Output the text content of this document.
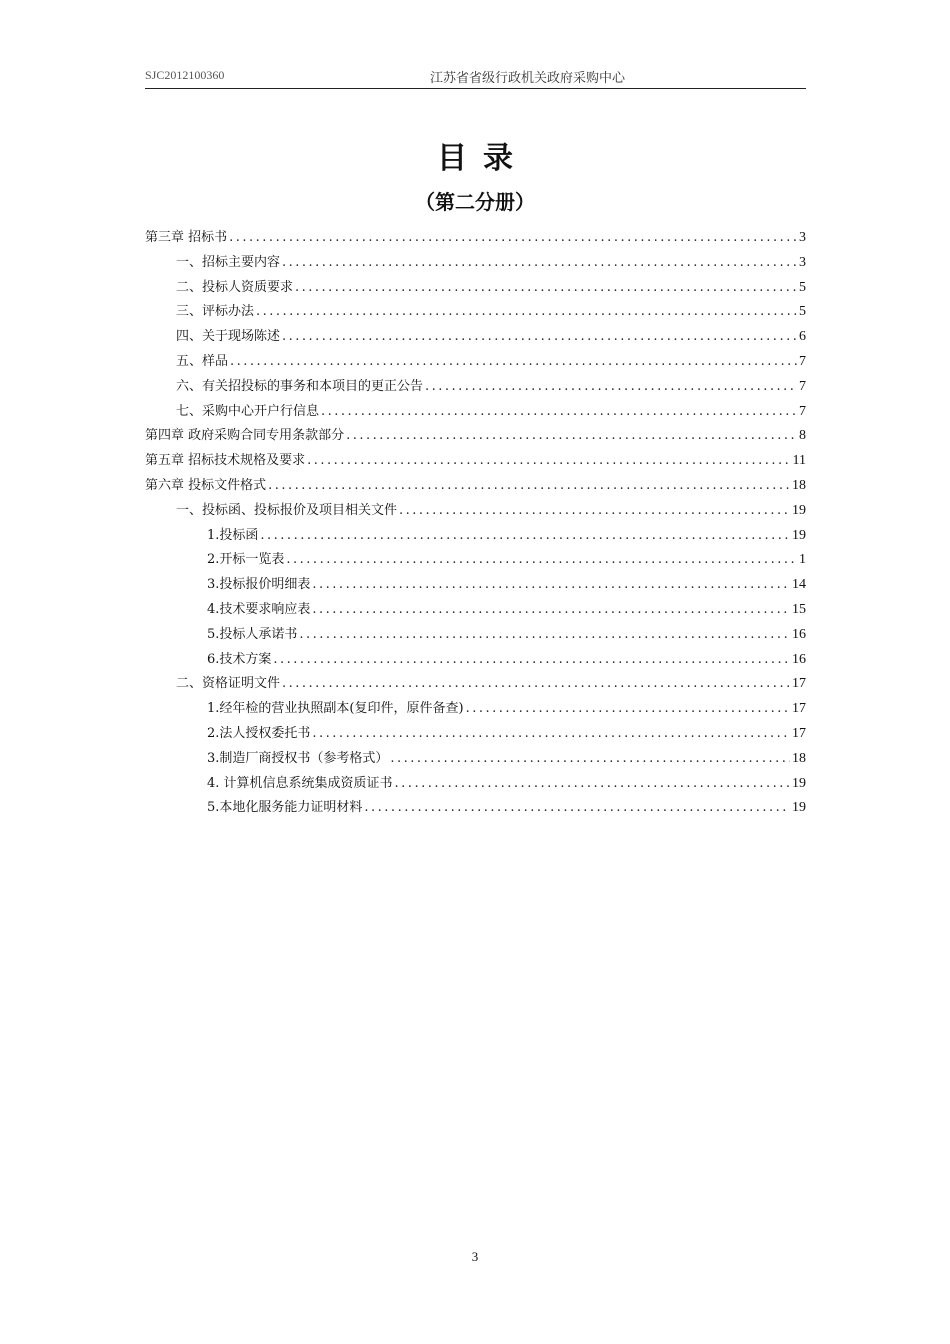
SJC2012100360	江苏省省级行政机关政府采购中心
目录
（第二分册）
第三章 招标书 .....	3
一、招标主要内容 .....	3
二、投标人资质要求 .....	5
三、评标办法 .....	5
四、关于现场陈述 .....	6
五、样品 .....	7
六、有关招投标的事务和本项目的更正公告 .....	7
七、采购中心开户行信息 .....	7
第四章 政府采购合同专用条款部分 .....	8
第五章 招标技术规格及要求 .....	11
第六章 投标文件格式 .....	18
一、投标函、投标报价及项目相关文件 .....	19
1.投标函 .....	19
2.开标一览表 .....	1
3.投标报价明细表 .....	14
4.技术要求响应表 .....	15
5.投标人承诺书 .....	16
6.技术方案 .....	16
二、资格证明文件 .....	17
1.经年检的营业执照副本(复印件，原件备查) .....	17
2.法人授权委托书 .....	17
3.制造厂商授权书（参考格式） .....	18
4. 计算机信息系统集成资质证书 .....	19
5.本地化服务能力证明材料 .....	19
3
